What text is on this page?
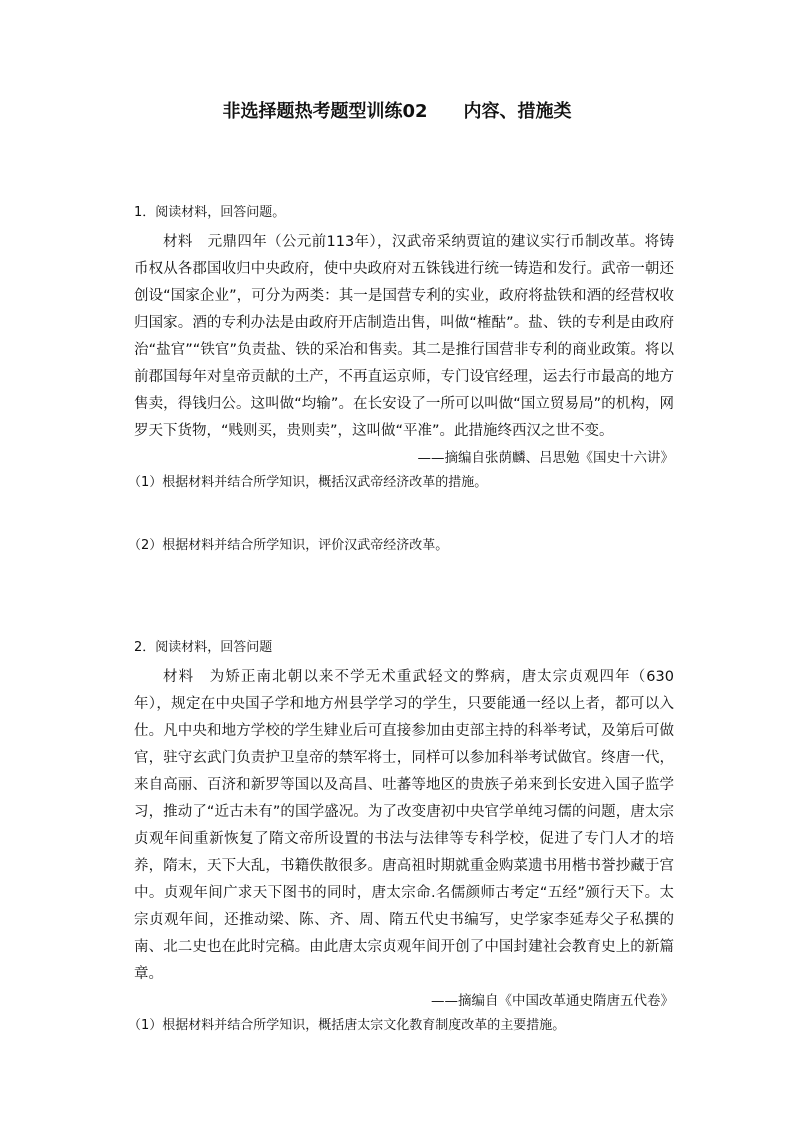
非选择题热考题型训练02　　内容、措施类

1．阅读材料，回答问题。

材料　元鼎四年（公元前113年），汉武帝采纳贾谊的建议实行币制改革。将铸币权从各郡国收归中央政府，使中央政府对五铢钱进行统一铸造和发行。武帝一朝还创设“国家企业”，可分为两类：其一是国营专利的实业，政府将盐铁和酒的经营权收归国家。酒的专利办法是由政府开店制造出售，叫做“榷酤”。盐、铁的专利是由政府治“盐官”“铁官”负责盐、铁的采冶和售卖。其二是推行国营非专利的商业政策。将以前郡国每年对皇帝贡献的土产，不再直运京师，专门设官经理，运去行市最高的地方售卖，得钱归公。这叫做“均输”。在长安设了一所可以叫做“国立贸易局”的机构，网罗天下货物，“贱则买，贵则卖”，这叫做“平准”。此措施终西汉之世不变。

——摘编自张荫麟、吕思勉《国史十六讲》

（1）根据材料并结合所学知识，概括汉武帝经济改革的措施。

（2）根据材料并结合所学知识，评价汉武帝经济改革。

2．阅读材料，回答问题

材料　为矫正南北朝以来不学无术重武轻文的弊病，唐太宗贞观四年（630年），规定在中央国子学和地方州县学学习的学生，只要能通一经以上者，都可以入仕。凡中央和地方学校的学生肄业后可直接参加由吏部主持的科举考试，及第后可做官，驻守玄武门负责护卫皇帝的禁军将士，同样可以参加科举考试做官。终唐一代，来自高丽、百济和新罗等国以及高昌、吐蕃等地区的贵族子弟来到长安进入国子监学习，推动了“近古未有”的国学盛况。为了改变唐初中央官学单纯习儒的问题，唐太宗贞观年间重新恢复了隋文帝所设置的书法与法律等专科学校，促进了专门人才的培养，隋末，天下大乱，书籍佚散很多。唐高祖时期就重金购菜遗书用楷书誉抄藏于宫中。贞观年间广求天下图书的同时，唐太宗命.名儒颜师古考定“五经”颁行天下。太宗贞观年间，还推动梁、陈、齐、周、隋五代史书编写，史学家李延寿父子私撰的南、北二史也在此时完稿。由此唐太宗贞观年间开创了中国封建社会教育史上的新篇章。

——摘编自《中国改革通史隋唐五代卷》

（1）根据材料并结合所学知识，概括唐太宗文化教育制度改革的主要措施。
